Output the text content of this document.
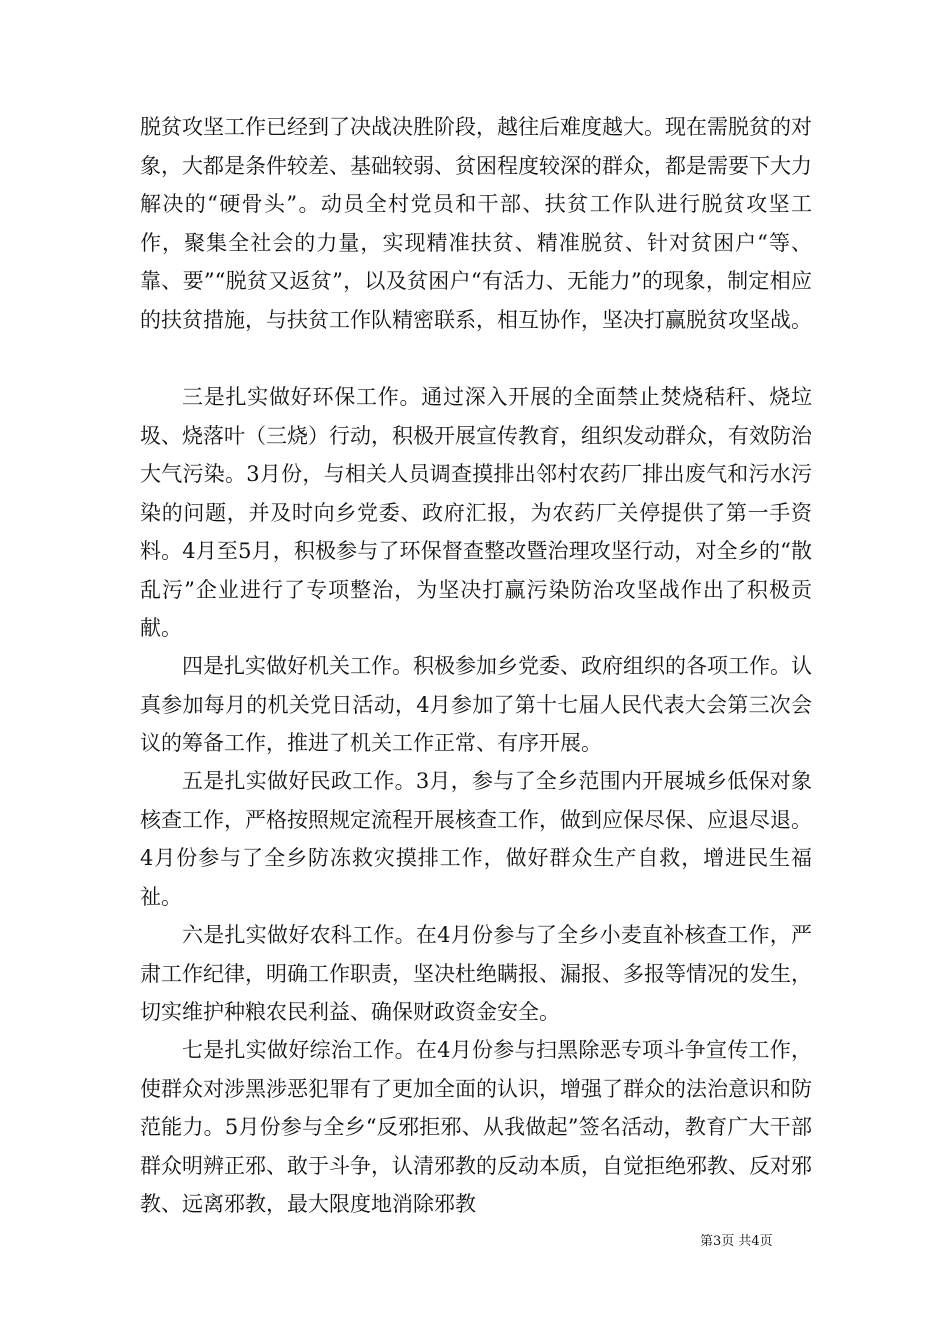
脱贫攻坚工作已经到了决战决胜阶段，越往后难度越大。现在需脱贫的对象，大都是条件较差、基础较弱、贫困程度较深的群众，都是需要下大力解决的“硬骨头”。动员全村党员和干部、扶贫工作队进行脱贫攻坚工作，聚集全社会的力量，实现精准扶贫、精准脱贫、针对贫困户“等、靠、要”“脱贫又返贫”，以及贫困户“有活力、无能力”的现象，制定相应的扶贫措施，与扶贫工作队精密联系，相互协作，坚决打赢脱贫攻坚战。

三是扎实做好环保工作。通过深入开展的全面禁止焚烧秸秆、烧垃圾、烧落叶（三烧）行动，积极开展宣传教育，组织发动群众，有效防治大气污染。3月份，与相关人员调查摸排出邻村农药厂排出废气和污水污染的问题，并及时向乡党委、政府汇报，为农药厂关停提供了第一手资料。4月至5月，积极参与了环保督查整改暨治理攻坚行动，对全乡的“散乱污”企业进行了专项整治，为坚决打赢污染防治攻坚战作出了积极贡献。

四是扎实做好机关工作。积极参加乡党委、政府组织的各项工作。认真参加每月的机关党日活动，4月参加了第十七届人民代表大会第三次会议的筹备工作，推进了机关工作正常、有序开展。

五是扎实做好民政工作。3月，参与了全乡范围内开展城乡低保对象核查工作，严格按照规定流程开展核查工作，做到应保尽保、应退尽退。4月份参与了全乡防冻救灾摸排工作，做好群众生产自救，增进民生福祉。

六是扎实做好农科工作。在4月份参与了全乡小麦直补核查工作，严肃工作纪律，明确工作职责，坚决杜绝瞒报、漏报、多报等情况的发生，切实维护种粮农民利益、确保财政资金安全。

七是扎实做好综治工作。在4月份参与扫黑除恶专项斗争宣传工作，使群众对涉黑涉恶犯罪有了更加全面的认识，增强了群众的法治意识和防范能力。5月份参与全乡“反邪拒邪、从我做起”签名活动，教育广大干部群众明辨正邪、敢于斗争，认清邪教的反动本质，自觉拒绝邪教、反对邪教、远离邪教，最大限度地消除邪教

第3页 共4页
